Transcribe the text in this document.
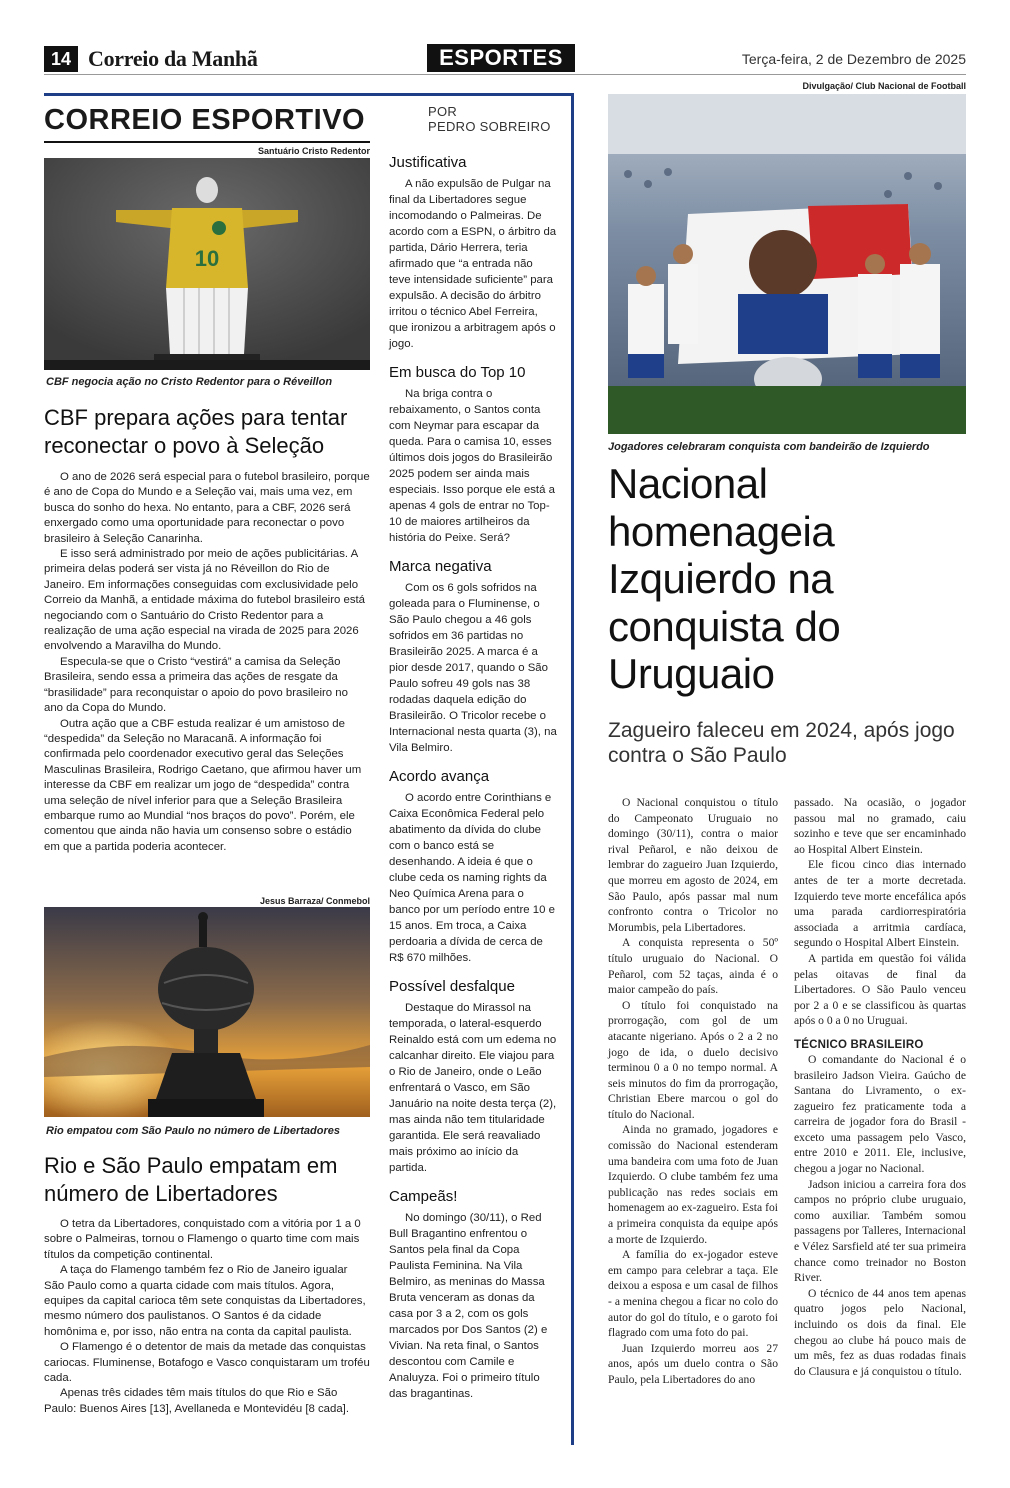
14 Correio da Manhã	ESPORTES	Terça-feira, 2 de Dezembro de 2025
CORREIO ESPORTIVO	POR
PEDRO SOBREIRO
Santuário Cristo Redentor
10
CBF negocia ação no Cristo Redentor para o Réveillon
CBF prepara ações para tentar reconectar o povo à Seleção

O ano de 2026 será especial para o futebol brasileiro, porque é ano de Copa do Mundo e a Seleção vai, mais uma vez, em busca do sonho do hexa. No entanto, para a CBF, 2026 será enxergado como uma oportunidade para reconectar o povo brasileiro à Seleção Canarinha.

E isso será administrado por meio de ações publicitárias. A primeira delas poderá ser vista já no Réveillon do Rio de Janeiro. Em informações conseguidas com exclusividade pelo Correio da Manhã, a entidade máxima do futebol brasileiro está negociando com o Santuário do Cristo Redentor para a realização de uma ação especial na virada de 2025 para 2026 envolvendo a Maravilha do Mundo.

Especula-se que o Cristo “vestirá” a camisa da Seleção Brasileira, sendo essa a primeira das ações de resgate da “brasilidade” para reconquistar o apoio do povo brasileiro no ano da Copa do Mundo.

Outra ação que a CBF estuda realizar é um amistoso de “despedida” da Seleção no Maracanã. A informação foi confirmada pelo coordenador executivo geral das Seleções Masculinas Brasileira, Rodrigo Caetano, que afirmou haver um interesse da CBF em realizar um jogo de “despedida” contra uma seleção de nível inferior para que a Seleção Brasileira embarque rumo ao Mundial “nos braços do povo”. Porém, ele comentou que ainda não havia um consenso sobre o estádio em que a partida poderia acontecer.

Jesus Barraza/ Conmebol
Rio empatou com São Paulo no número de Libertadores
Rio e São Paulo empatam em número de Libertadores

O tetra da Libertadores, conquistado com a vitória por 1 a 0 sobre o Palmeiras, tornou o Flamengo o quarto time com mais títulos da competição continental.

A taça do Flamengo também fez o Rio de Janeiro igualar São Paulo como a quarta cidade com mais títulos. Agora, equipes da capital carioca têm sete conquistas da Libertadores, mesmo número dos paulistanos. O Santos é da cidade homônima e, por isso, não entra na conta da capital paulista.

O Flamengo é o detentor de mais da metade das conquistas cariocas. Fluminense, Botafogo e Vasco conquistaram um troféu cada.

Apenas três cidades têm mais títulos do que Rio e São Paulo: Buenos Aires [13], Avellaneda e Montevidéu [8 cada].

Justificativa

A não expulsão de Pulgar na final da Libertadores segue incomodando o Palmeiras. De acordo com a ESPN, o árbitro da partida, Dário Herrera, teria afirmado que “a entrada não teve intensidade suficiente” para expulsão. A decisão do árbitro irritou o técnico Abel Ferreira, que ironizou a arbitragem após o jogo.

Em busca do Top 10

Na briga contra o rebaixamento, o Santos conta com Neymar para escapar da queda. Para o camisa 10, esses últimos dois jogos do Brasileirão 2025 podem ser ainda mais especiais. Isso porque ele está a apenas 4 gols de entrar no Top-10 de maiores artilheiros da história do Peixe. Será?

Marca negativa

Com os 6 gols sofridos na goleada para o Fluminense, o São Paulo chegou a 46 gols sofridos em 36 partidas no Brasileirão 2025. A marca é a pior desde 2017, quando o São Paulo sofreu 49 gols nas 38 rodadas daquela edição do Brasileirão. O Tricolor recebe o Internacional nesta quarta (3), na Vila Belmiro.

Acordo avança

O acordo entre Corinthians e Caixa Econômica Federal pelo abatimento da dívida do clube com o banco está se desenhando. A ideia é que o clube ceda os naming rights da Neo Química Arena para o banco por um período entre 10 e 15 anos. Em troca, a Caixa perdoaria a dívida de cerca de R$ 670 milhões.

Possível desfalque

Destaque do Mirassol na temporada, o lateral-esquerdo Reinaldo está com um edema no calcanhar direito. Ele viajou para o Rio de Janeiro, onde o Leão enfrentará o Vasco, em São Januário na noite desta terça (2), mas ainda não tem titularidade garantida. Ele será reavaliado mais próximo ao início da partida.

Campeãs!

No domingo (30/11), o Red Bull Bragantino enfrentou o Santos pela final da Copa Paulista Feminina. Na Vila Belmiro, as meninas do Massa Bruta venceram as donas da casa por 3 a 2, com os gols marcados por Dos Santos (2) e Vivian. Na reta final, o Santos descontou com Camile e Analuyza. Foi o primeiro título das bragantinas.

Divulgação/ Club Nacional de Football
Jogadores celebraram conquista com bandeirão de Izquierdo
Nacional homenageia Izquierdo na conquista do Uruguaio
Zagueiro faleceu em 2024, após jogo contra o São Paulo

O Nacional conquistou o título do Campeonato Uruguaio no domingo (30/11), contra o maior rival Peñarol, e não deixou de lembrar do zagueiro Juan Izquierdo, que morreu em agosto de 2024, em São Paulo, após passar mal num confronto contra o Tricolor no Morumbis, pela Libertadores.

A conquista representa o 50º título uruguaio do Nacional. O Peñarol, com 52 taças, ainda é o maior campeão do país.

O título foi conquistado na prorrogação, com gol de um atacante nigeriano. Após o 2 a 2 no jogo de ida, o duelo decisivo terminou 0 a 0 no tempo normal. A seis minutos do fim da prorrogação, Christian Ebere marcou o gol do título do Nacional.

Ainda no gramado, jogadores e comissão do Nacional estenderam uma bandeira com uma foto de Juan Izquierdo. O clube também fez uma publicação nas redes sociais em homenagem ao ex-zagueiro. Esta foi a primeira conquista da equipe após a morte de Izquierdo.

A família do ex-jogador esteve em campo para celebrar a taça. Ele deixou a esposa e um casal de filhos - a menina chegou a ficar no colo do autor do gol do título, e o garoto foi flagrado com uma foto do pai.

Juan Izquierdo morreu aos 27 anos, após um duelo contra o São Paulo, pela Libertadores do ano

passado. Na ocasião, o jogador passou mal no gramado, caiu sozinho e teve que ser encaminhado ao Hospital Albert Einstein.

Ele ficou cinco dias internado antes de ter a morte decretada. Izquierdo teve morte encefálica após uma parada cardiorrespiratória associada a arritmia cardíaca, segundo o Hospital Albert Einstein.

A partida em questão foi válida pelas oitavas de final da Libertadores. O São Paulo venceu por 2 a 0 e se classificou às quartas após o 0 a 0 no Uruguai.

TÉCNICO BRASILEIRO

O comandante do Nacional é o brasileiro Jadson Vieira. Gaúcho de Santana do Livramento, o ex-zagueiro fez praticamente toda a carreira de jogador fora do Brasil - exceto uma passagem pelo Vasco, entre 2010 e 2011. Ele, inclusive, chegou a jogar no Nacional.

Jadson iniciou a carreira fora dos campos no próprio clube uruguaio, como auxiliar. Também somou passagens por Talleres, Internacional e Vélez Sarsfield até ter sua primeira chance como treinador no Boston River.

O técnico de 44 anos tem apenas quatro jogos pelo Nacional, incluindo os dois da final. Ele chegou ao clube há pouco mais de um mês, fez as duas rodadas finais do Clausura e já conquistou o título.
